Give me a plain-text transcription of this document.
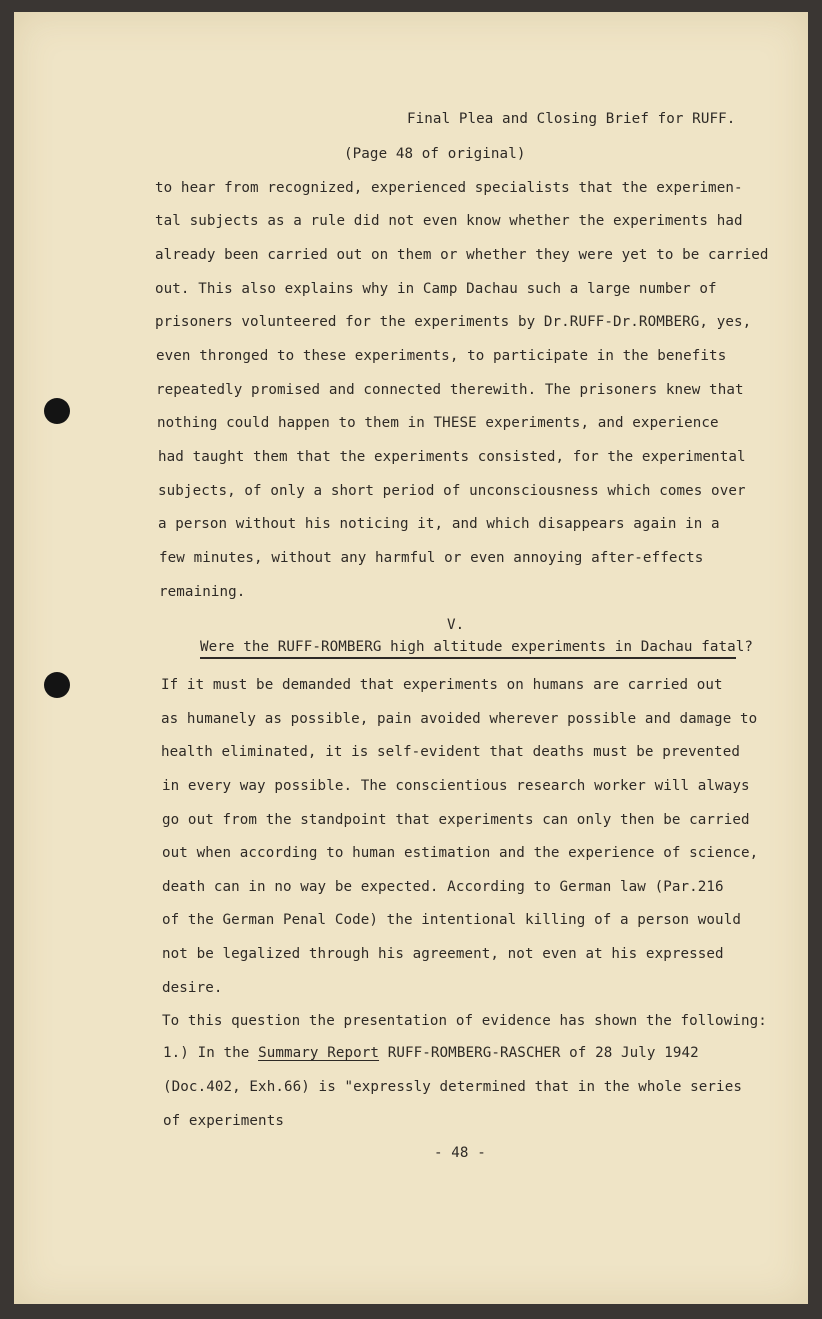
Final Plea and Closing Brief for RUFF.
(Page 48 of original)
to hear from recognized, experienced specialists that the experimen-
tal subjects as a rule did not even know whether the experiments had
already been carried out on them or whether they were yet to be carried
out. This also explains why in Camp Dachau such a large number of
prisoners volunteered for the experiments by Dr.RUFF-Dr.ROMBERG, yes,
even thronged to these experiments, to participate in the benefits
repeatedly promised and connected therewith. The prisoners knew that
nothing could happen to them in THESE experiments, and experience
had taught them that the experiments consisted, for the experimental
subjects, of only a short period of unconsciousness which comes over
a person without his noticing it, and which disappears again in a
few minutes, without any harmful or even annoying after-effects
remaining.
V.
Were the RUFF-ROMBERG high altitude experiments in Dachau fatal?
If it must be demanded that experiments on humans are carried out
as humanely as possible, pain avoided wherever possible and damage to
health eliminated, it is self-evident that deaths must be prevented
in every way possible. The conscientious research worker will always
go out from the standpoint that experiments can only then be carried
out when according to human estimation and the experience of science,
death can in no way be expected. According to German law (Par.216
of the German Penal Code) the intentional killing of a person would
not be legalized through his agreement, not even at his expressed
desire.
To this question the presentation of evidence has shown the following:
1.) In the Summary Report RUFF-ROMBERG-RASCHER of 28 July 1942
(Doc.402, Exh.66) is "expressly determined that in the whole series
of experiments
- 48 -
